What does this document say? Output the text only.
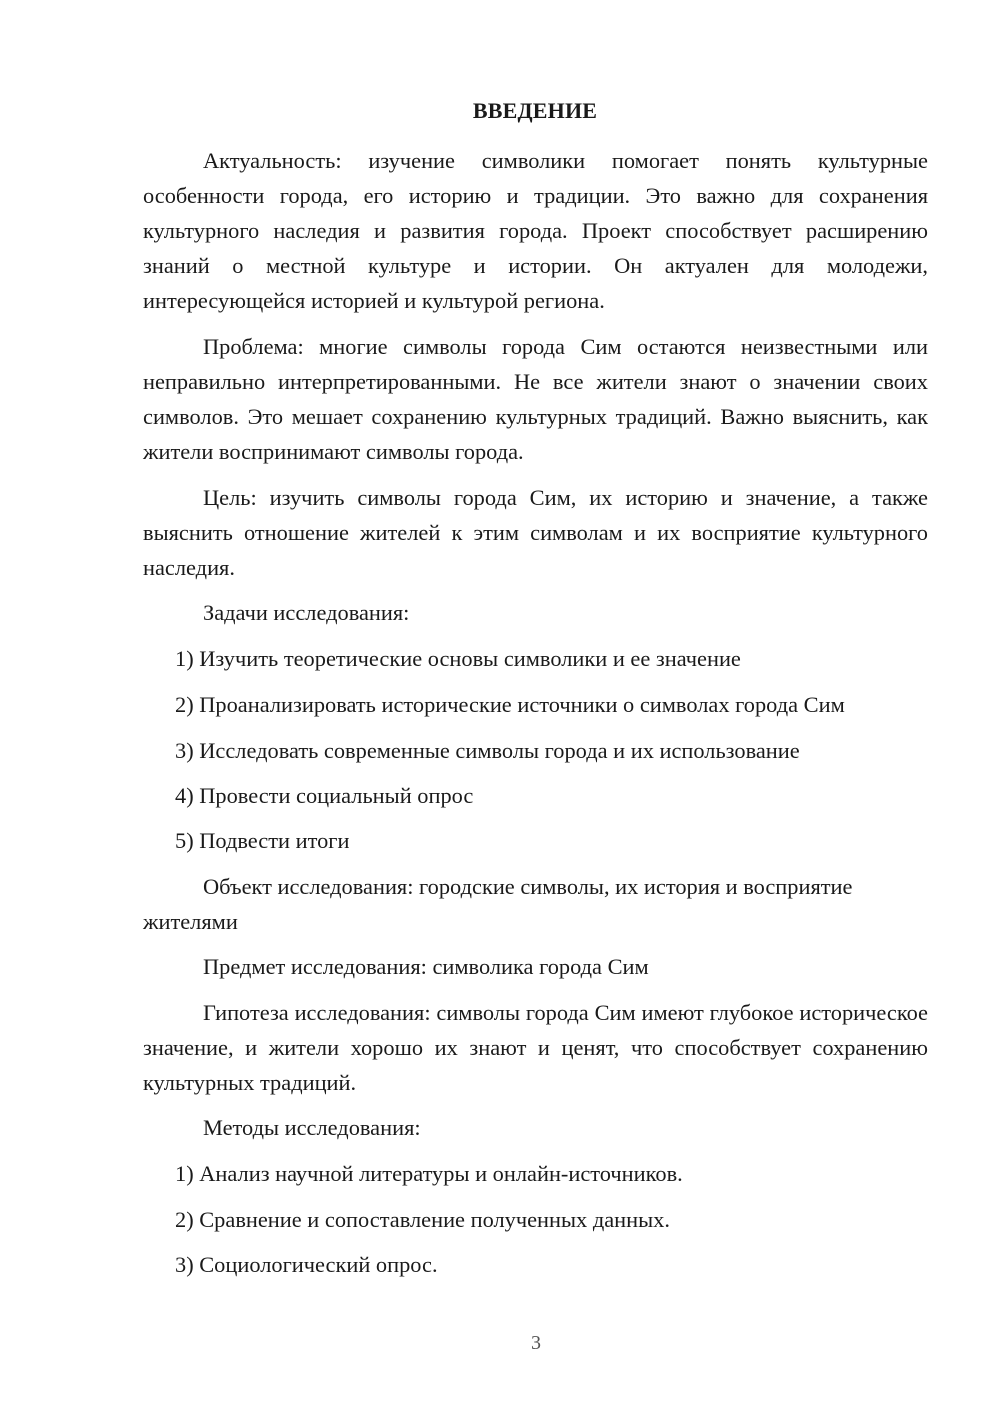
ВВЕДЕНИЕ

Актуальность: изучение символики помогает понять культурные особенности города, его историю и традиции. Это важно для сохранения культурного наследия и развития города. Проект способствует расширению знаний о местной культуре и истории. Он актуален для молодежи, интересующейся историей и культурой региона.

Проблема: многие символы города Сим остаются неизвестными или неправильно интерпретированными. Не все жители знают о значении своих символов. Это мешает сохранению культурных традиций. Важно выяснить, как жители воспринимают символы города.

Цель: изучить символы города Сим, их историю и значение, а также выяснить отношение жителей к этим символам и их восприятие культурного наследия.

Задачи исследования:

1) Изучить теоретические основы символики и ее значение
2) Проанализировать исторические источники о символах города Сим
3) Исследовать современные символы города и их использование
4) Провести социальный опрос
5) Подвести итоги

Объект исследования: городские символы, их история и восприятие жителями

Предмет исследования: символика города Сим

Гипотеза исследования: символы города Сим имеют глубокое историческое значение, и жители хорошо их знают и ценят, что способствует сохранению культурных традиций.

Методы исследования:

1) Анализ научной литературы и онлайн-источников.
2) Сравнение и сопоставление полученных данных.
3) Социологический опрос.
3
